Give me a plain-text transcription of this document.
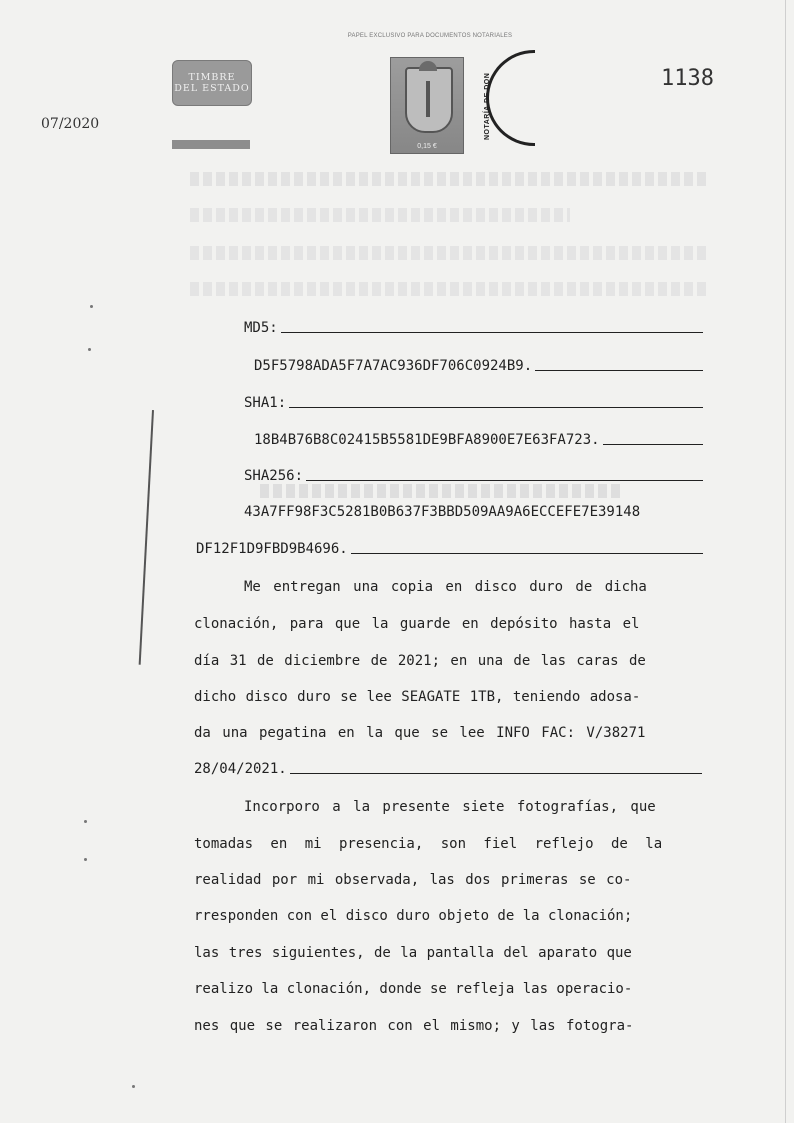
PAPEL EXCLUSIVO PARA DOCUMENTOS NOTARIALES
TIMBRE
DEL ESTADO
0,15 €
NOTARÍA DE DON	1138
07/2020
MD5:
D5F5798ADA5F7A7AC936DF706C0924B9.
SHA1:
18B4B76B8C02415B5581DE9BFA8900E7E63FA723.
SHA256:
43A7FF98F3C5281B0B637F3BBD509AA9A6ECCEFE7E39148
DF12F1D9FBD9B4696.
Me entregan una copia en disco duro de dicha
clonación, para que la guarde en depósito hasta el
día 31 de diciembre de 2021; en una de las caras de
dicho disco duro se lee SEAGATE 1TB, teniendo adosa-
da una pegatina en la que se lee INFO FAC: V/38271
28/04/2021.
Incorporo a la presente siete fotografías, que
tomadas en mi presencia, son fiel reflejo de la
realidad por mi observada, las dos primeras se co-
rresponden con el disco duro objeto de la clonación;
las tres siguientes, de la pantalla del aparato que
realizo la clonación, donde se refleja las operacio-
nes que se realizaron con el mismo; y las fotogra-
